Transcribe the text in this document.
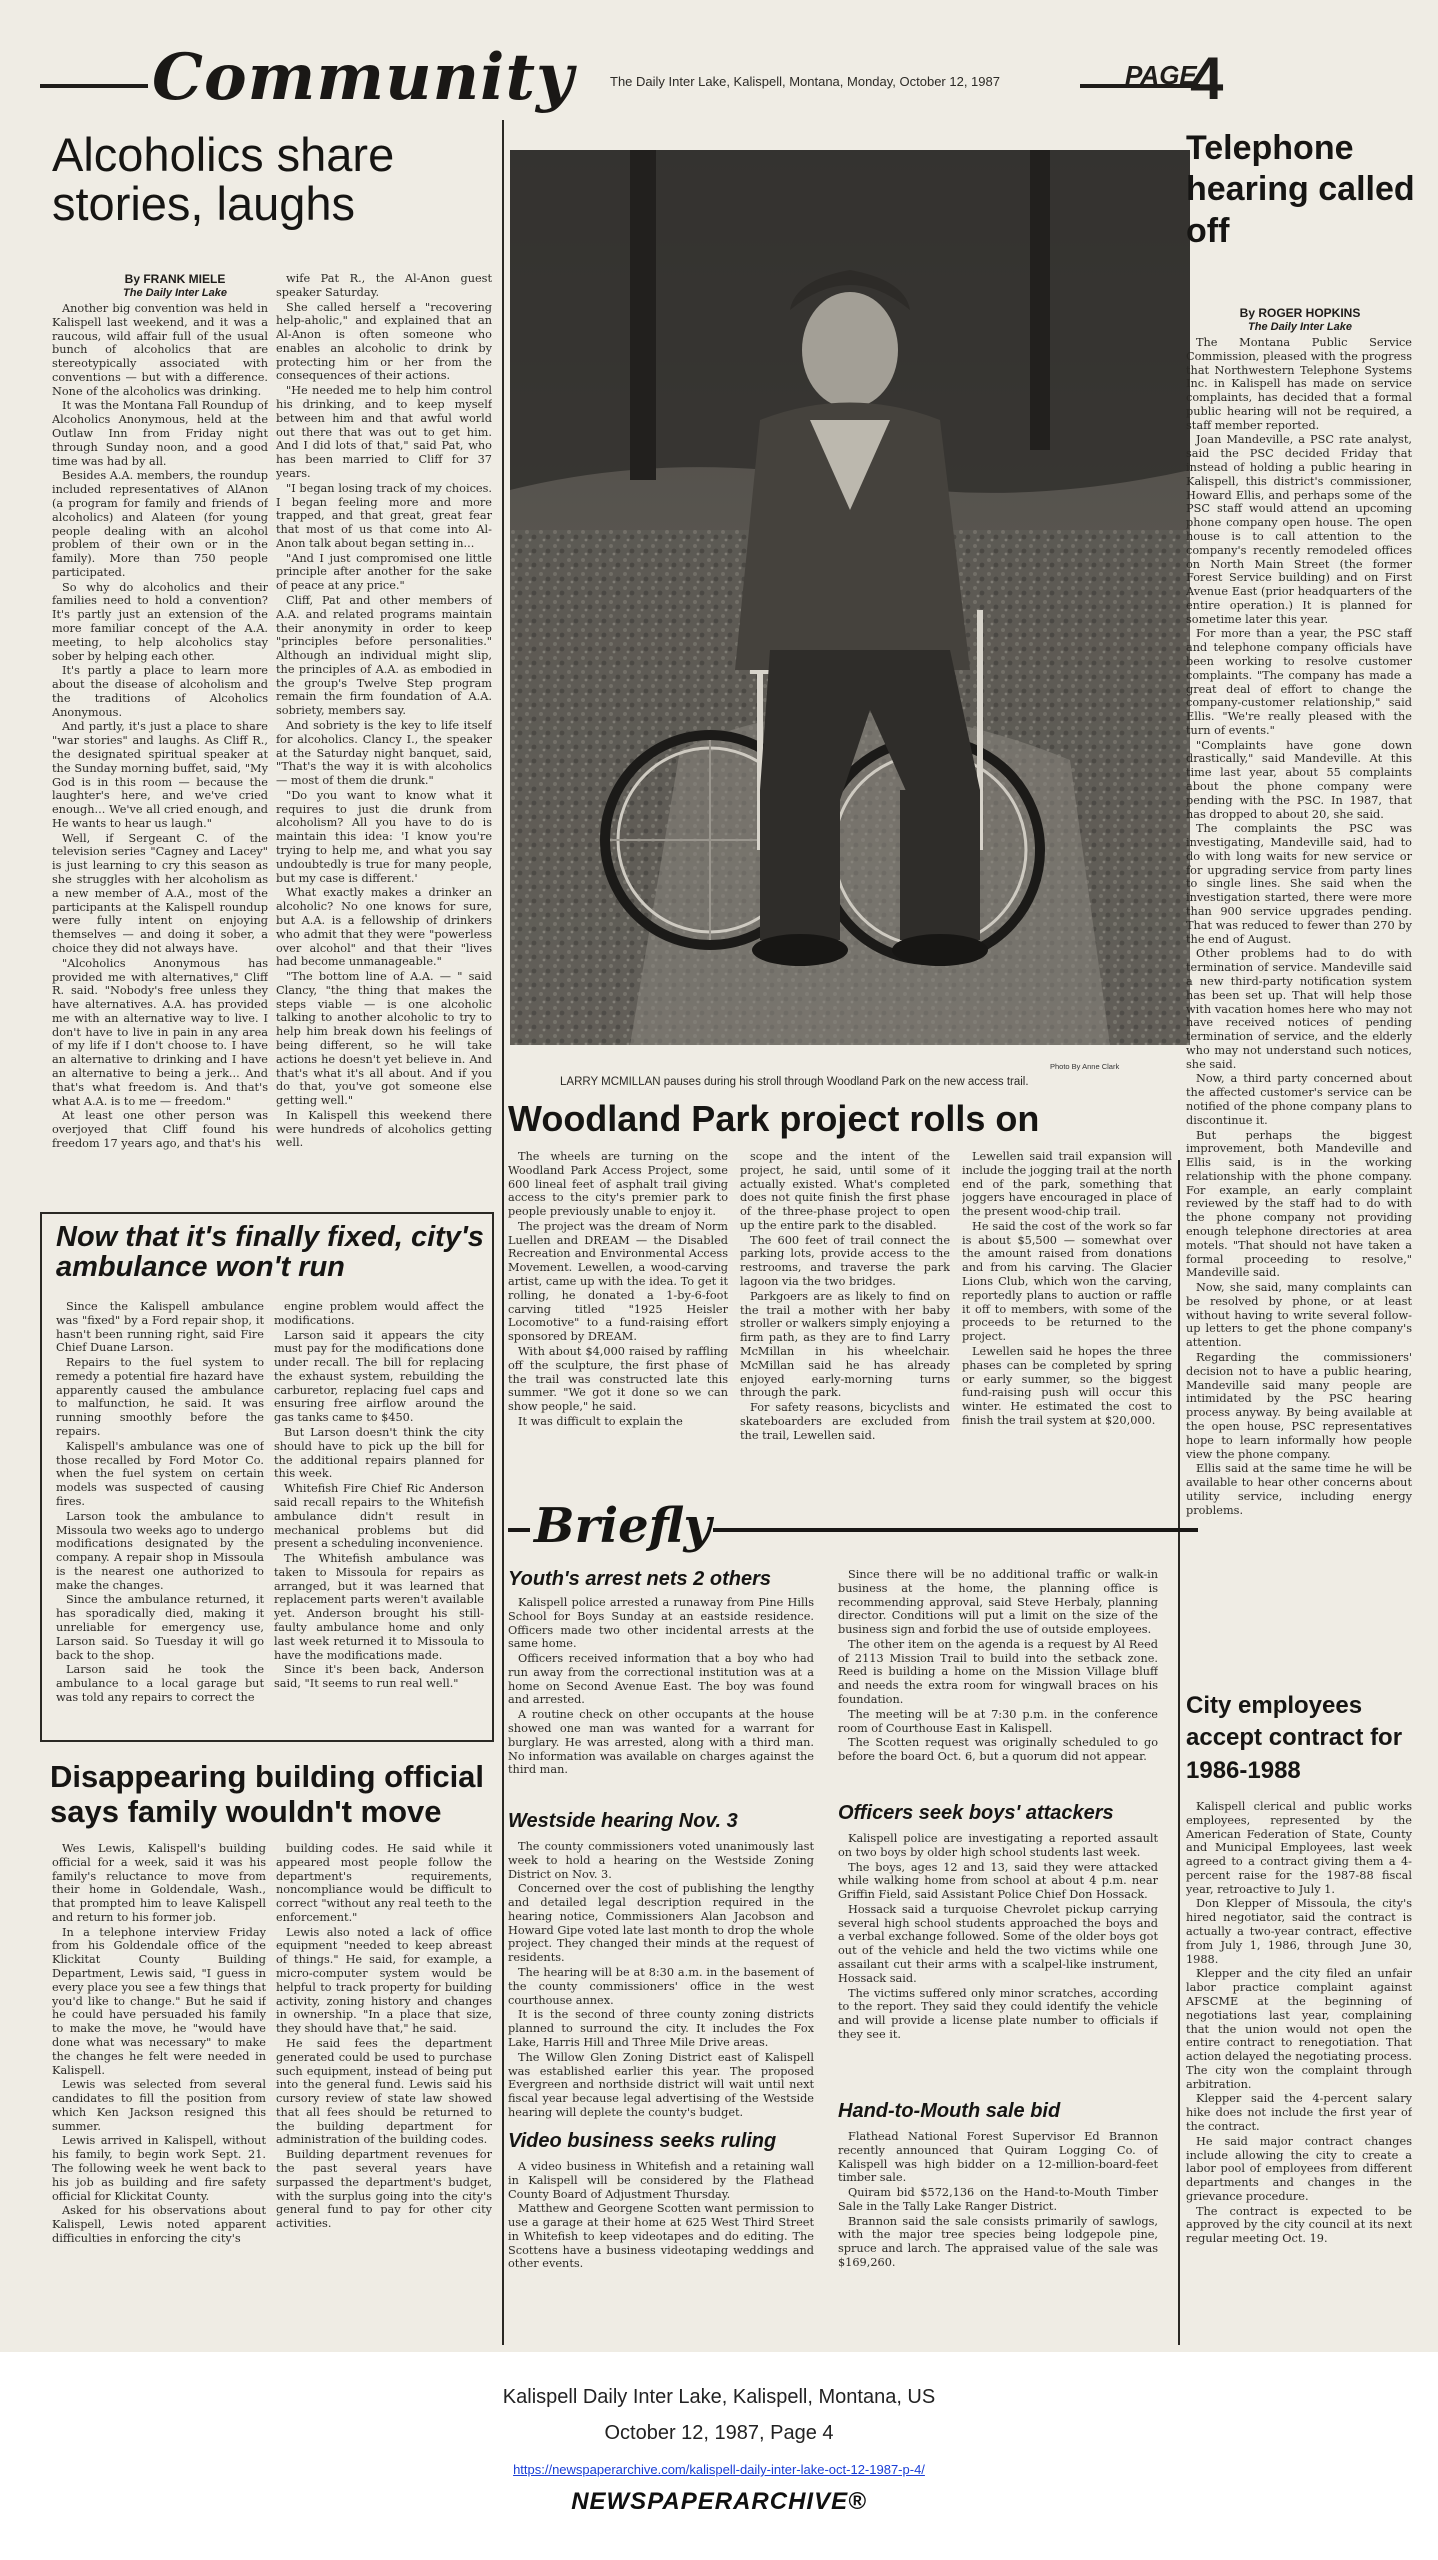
Community	The Daily Inter Lake, Kalispell, Montana, Monday, October 12, 1987	PAGE
4
Alcoholics share stories, laughs
By FRANK MIELE
The Daily Inter Lake

Another big convention was held in Kalispell last weekend, and it was a raucous, wild affair full of the usual bunch of alcoholics that are stereotypically associated with conventions — but with a difference. None of the alcoholics was drinking.

It was the Montana Fall Roundup of Alcoholics Anonymous, held at the Outlaw Inn from Friday night through Sunday noon, and a good time was had by all.

Besides A.A. members, the roundup included representatives of AlAnon (a program for family and friends of alcoholics) and Alateen (for young people dealing with an alcohol problem of their own or in the family). More than 750 people participated.

So why do alcoholics and their families need to hold a convention? It's partly just an extension of the more familiar concept of the A.A. meeting, to help alcoholics stay sober by helping each other.

It's partly a place to learn more about the disease of alcoholism and the traditions of Alcoholics Anonymous.

And partly, it's just a place to share "war stories" and laughs. As Cliff R., the designated spiritual speaker at the Sunday morning buffet, said, "My God is in this room — because the laughter's here, and we've cried enough... We've all cried enough, and He wants to hear us laugh."

Well, if Sergeant C. of the television series "Cagney and Lacey" is just learning to cry this season as she struggles with her alcoholism as a new member of A.A., most of the participants at the Kalispell roundup were fully intent on enjoying themselves — and doing it sober, a choice they did not always have.

"Alcoholics Anonymous has provided me with alternatives," Cliff R. said. "Nobody's free unless they have alternatives. A.A. has provided me with an alternative way to live. I don't have to live in pain in any area of my life if I don't choose to. I have an alternative to drinking and I have an alternative to being a jerk... And that's what freedom is. And that's what A.A. is to me — freedom."

At least one other person was overjoyed that Cliff found his freedom 17 years ago, and that's his

wife Pat R., the Al-Anon guest speaker Saturday.

She called herself a "recovering help-aholic," and explained that an Al-Anon is often someone who enables an alcoholic to drink by protecting him or her from the consequences of their actions.

"He needed me to help him control his drinking, and to keep myself between him and that awful world out there that was out to get him. And I did lots of that," said Pat, who has been married to Cliff for 37 years.

"I began losing track of my choices. I began feeling more and more trapped, and that great, great fear that most of us that come into Al-Anon talk about began setting in...

"And I just compromised one little principle after another for the sake of peace at any price."

Cliff, Pat and other members of A.A. and related programs maintain their anonymity in order to keep "principles before personalities." Although an individual might slip, the principles of A.A. as embodied in the group's Twelve Step program remain the firm foundation of A.A. sobriety, members say.

And sobriety is the key to life itself for alcoholics. Clancy I., the speaker at the Saturday night banquet, said, "That's the way it is with alcoholics — most of them die drunk."

"Do you want to know what it requires to just die drunk from alcoholism? All you have to do is maintain this idea: 'I know you're trying to help me, and what you say undoubtedly is true for many people, but my case is different.'

What exactly makes a drinker an alcoholic? No one knows for sure, but A.A. is a fellowship of drinkers who admit that they were "powerless over alcohol" and that their "lives had become unmanageable."

"The bottom line of A.A. — " said Clancy, "the thing that makes the steps viable — is one alcoholic talking to another alcoholic to try to help him break down his feelings of being different, so he will take actions he doesn't yet believe in. And that's what it's all about. And if you do that, you've got someone else getting well."

In Kalispell this weekend there were hundreds of alcoholics getting well.

Photo By Anne Clark
LARRY MCMILLAN pauses during his stroll through Woodland Park on the new access trail.
Woodland Park project rolls on

The wheels are turning on the Woodland Park Access Project, some 600 lineal feet of asphalt trail giving access to the city's premier park to people previously unable to enjoy it.

The project was the dream of Norm Luellen and DREAM — the Disabled Recreation and Environmental Access Movement. Lewellen, a wood-carving artist, came up with the idea. To get it rolling, he donated a 1-by-6-foot carving titled "1925 Heisler Locomotive" to a fund-raising effort sponsored by DREAM.

With about $4,000 raised by raffling off the sculpture, the first phase of the trail was constructed late this summer. "We got it done so we can show people," he said.

It was difficult to explain the

scope and the intent of the project, he said, until some of it actually existed. What's completed does not quite finish the first phase of the three-phase project to open up the entire park to the disabled.

The 600 feet of trail connect the parking lots, provide access to the restrooms, and traverse the park lagoon via the two bridges.

Parkgoers are as likely to find on the trail a mother with her baby stroller or walkers simply enjoying a firm path, as they are to find Larry McMillan in his wheelchair. McMillan said he has already enjoyed early-morning turns through the park.

For safety reasons, bicyclists and skateboarders are excluded from the trail, Lewellen said.

Lewellen said trail expansion will include the jogging trail at the north end of the park, something that joggers have encouraged in place of the present wood-chip trail.

He said the cost of the work so far is about $5,500 — somewhat over the amount raised from donations and from his carving. The Glacier Lions Club, which won the carving, reportedly plans to auction or raffle it off to members, with some of the proceeds to be returned to the project.

Lewellen said he hopes the three phases can be completed by spring or early summer, so the biggest fund-raising push will occur this winter. He estimated the cost to finish the trail system at $20,000.

Telephone hearing called off
By ROGER HOPKINS
The Daily Inter Lake

The Montana Public Service Commission, pleased with the progress that Northwestern Telephone Systems Inc. in Kalispell has made on service complaints, has decided that a formal public hearing will not be required, a staff member reported.

Joan Mandeville, a PSC rate analyst, said the PSC decided Friday that instead of holding a public hearing in Kalispell, this district's commissioner, Howard Ellis, and perhaps some of the PSC staff would attend an upcoming phone company open house. The open house is to call attention to the company's recently remodeled offices on North Main Street (the former Forest Service building) and on First Avenue East (prior headquarters of the entire operation.) It is planned for sometime later this year.

For more than a year, the PSC staff and telephone company officials have been working to resolve customer complaints. "The company has made a great deal of effort to change the company-customer relationship," said Ellis. "We're really pleased with the turn of events."

"Complaints have gone down drastically," said Mandeville. At this time last year, about 55 complaints about the phone company were pending with the PSC. In 1987, that has dropped to about 20, she said.

The complaints the PSC was investigating, Mandeville said, had to do with long waits for new service or for upgrading service from party lines to single lines. She said when the investigation started, there were more than 900 service upgrades pending. That was reduced to fewer than 270 by the end of August.

Other problems had to do with termination of service. Mandeville said a new third-party notification system has been set up. That will help those with vacation homes here who may not have received notices of pending termination of service, and the elderly who may not understand such notices, she said.

Now, a third party concerned about the affected customer's service can be notified of the phone company plans to discontinue it.

But perhaps the biggest improvement, both Mandeville and Ellis said, is in the working relationship with the phone company. For example, an early complaint reviewed by the staff had to do with the phone company not providing enough telephone directories at area motels. "That should not have taken a formal proceeding to resolve," Mandeville said.

Now, she said, many complaints can be resolved by phone, or at least without having to write several follow-up letters to get the phone company's attention.

Regarding the commissioners' decision not to have a public hearing, Mandeville said many people are intimidated by the PSC hearing process anyway. By being available at the open house, PSC representatives hope to learn informally how people view the phone company.

Ellis said at the same time he will be available to hear other concerns about utility service, including energy problems.

City employees accept contract for 1986-1988

Kalispell clerical and public works employees, represented by the American Federation of State, County and Municipal Employees, last week agreed to a contract giving them a 4-percent raise for the 1987-88 fiscal year, retroactive to July 1.

Don Klepper of Missoula, the city's hired negotiator, said the contract is actually a two-year contract, effective from July 1, 1986, through June 30, 1988.

Klepper and the city filed an unfair labor practice complaint against AFSCME at the beginning of negotiations last year, complaining that the union would not open the entire contract to renegotiation. That action delayed the negotiating process. The city won the complaint through arbitration.

Klepper said the 4-percent salary hike does not include the first year of the contract.

He said major contract changes include allowing the city to create a labor pool of employees from different departments and changes in the grievance procedure.

The contract is expected to be approved by the city council at its next regular meeting Oct. 19.

Now that it's finally fixed, city's ambulance won't run

Since the Kalispell ambulance was "fixed" by a Ford repair shop, it hasn't been running right, said Fire Chief Duane Larson.

Repairs to the fuel system to remedy a potential fire hazard have apparently caused the ambulance to malfunction, he said. It was running smoothly before the repairs.

Kalispell's ambulance was one of those recalled by Ford Motor Co. when the fuel system on certain models was suspected of causing fires.

Larson took the ambulance to Missoula two weeks ago to undergo modifications designated by the company. A repair shop in Missoula is the nearest one authorized to make the changes.

Since the ambulance returned, it has sporadically died, making it unreliable for emergency use, Larson said. So Tuesday it will go back to the shop.

Larson said he took the ambulance to a local garage but was told any repairs to correct the

engine problem would affect the modifications.

Larson said it appears the city must pay for the modifications done under recall. The bill for replacing the exhaust system, rebuilding the carburetor, replacing fuel caps and ensuring free airflow around the gas tanks came to $450.

But Larson doesn't think the city should have to pick up the bill for the additional repairs planned for this week.

Whitefish Fire Chief Ric Anderson said recall repairs to the Whitefish ambulance didn't result in mechanical problems but did present a scheduling inconvenience.

The Whitefish ambulance was taken to Missoula for repairs as arranged, but it was learned that replacement parts weren't available yet. Anderson brought his still-faulty ambulance home and only last week returned it to Missoula to have the modifications made.

Since it's been back, Anderson said, "It seems to run real well."

Disappearing building official says family wouldn't move

Wes Lewis, Kalispell's building official for a week, said it was his family's reluctance to move from their home in Goldendale, Wash., that prompted him to leave Kalispell and return to his former job.

In a telephone interview Friday from his Goldendale office of the Klickitat County Building Department, Lewis said, "I guess in every place you see a few things that you'd like to change." But he said if he could have persuaded his family to make the move, he "would have done what was necessary" to make the changes he felt were needed in Kalispell.

Lewis was selected from several candidates to fill the position from which Ken Jackson resigned this summer.

Lewis arrived in Kalispell, without his family, to begin work Sept. 21. The following week he went back to his job as building and fire safety official for Klickitat County.

Asked for his observations about Kalispell, Lewis noted apparent difficulties in enforcing the city's

building codes. He said while it appeared most people follow the department's requirements, noncompliance would be difficult to correct "without any real teeth to the enforcement."

Lewis also noted a lack of office equipment "needed to keep abreast of things." He said, for example, a micro-computer system would be helpful to track property for building activity, zoning history and changes in ownership. "In a place that size, they should have that," he said.

He said fees the department generated could be used to purchase such equipment, instead of being put into the general fund. Lewis said his cursory review of state law showed that all fees should be returned to the building department for administration of the building codes.

Building department revenues for the past several years have surpassed the department's budget, with the surplus going into the city's general fund to pay for other city activities.

Briefly
Youth's arrest nets 2 others

Kalispell police arrested a runaway from Pine Hills School for Boys Sunday at an eastside residence. Officers made two other incidental arrests at the same home.

Officers received information that a boy who had run away from the correctional institution was at a home on Second Avenue East. The boy was found and arrested.

A routine check on other occupants at the house showed one man was wanted for a warrant for burglary. He was arrested, along with a third man. No information was available on charges against the third man.

Since there will be no additional traffic or walk-in business at the home, the planning office is recommending approval, said Steve Herbaly, planning director. Conditions will put a limit on the size of the business sign and forbid the use of outside employees.

The other item on the agenda is a request by Al Reed of 2113 Mission Trail to build into the setback zone. Reed is building a home on the Mission Village bluff and needs the extra room for wingwall braces on his foundation.

The meeting will be at 7:30 p.m. in the conference room of Courthouse East in Kalispell.

The Scotten request was originally scheduled to go before the board Oct. 6, but a quorum did not appear.

Westside hearing Nov. 3

The county commissioners voted unanimously last week to hold a hearing on the Westside Zoning District on Nov. 3.

Concerned over the cost of publishing the lengthy and detailed legal description required in the hearing notice, Commissioners Alan Jacobson and Howard Gipe voted late last month to drop the whole project. They changed their minds at the request of residents.

The hearing will be at 8:30 a.m. in the basement of the county commissioners' office in the west courthouse annex.

It is the second of three county zoning districts planned to surround the city. It includes the Fox Lake, Harris Hill and Three Mile Drive areas.

The Willow Glen Zoning District east of Kalispell was established earlier this year. The proposed Evergreen and northside district will wait until next fiscal year because legal advertising of the Westside hearing will deplete the county's budget.

Video business seeks ruling

A video business in Whitefish and a retaining wall in Kalispell will be considered by the Flathead County Board of Adjustment Thursday.

Matthew and Georgene Scotten want permission to use a garage at their home at 625 West Third Street in Whitefish to keep videotapes and do editing. The Scottens have a business videotaping weddings and other events.

Officers seek boys' attackers

Kalispell police are investigating a reported assault on two boys by older high school students last week.

The boys, ages 12 and 13, said they were attacked while walking home from school at about 4 p.m. near Griffin Field, said Assistant Police Chief Don Hossack.

Hossack said a turquoise Chevrolet pickup carrying several high school students approached the boys and a verbal exchange followed. Some of the older boys got out of the vehicle and held the two victims while one assailant cut their arms with a scalpel-like instrument, Hossack said.

The victims suffered only minor scratches, according to the report. They said they could identify the vehicle and will provide a license plate number to officials if they see it.

Hand-to-Mouth sale bid

Flathead National Forest Supervisor Ed Brannon recently announced that Quiram Logging Co. of Kalispell was high bidder on a 12-million-board-feet timber sale.

Quiram bid $572,136 on the Hand-to-Mouth Timber Sale in the Tally Lake Ranger District.

Brannon said the sale consists primarily of sawlogs, with the major tree species being lodgepole pine, spruce and larch. The appraised value of the sale was $169,260.

Kalispell Daily Inter Lake, Kalispell, Montana, US
October 12, 1987, Page 4
https://newspaperarchive.com/kalispell-daily-inter-lake-oct-12-1987-p-4/
NEWSPAPERARCHIVE®
